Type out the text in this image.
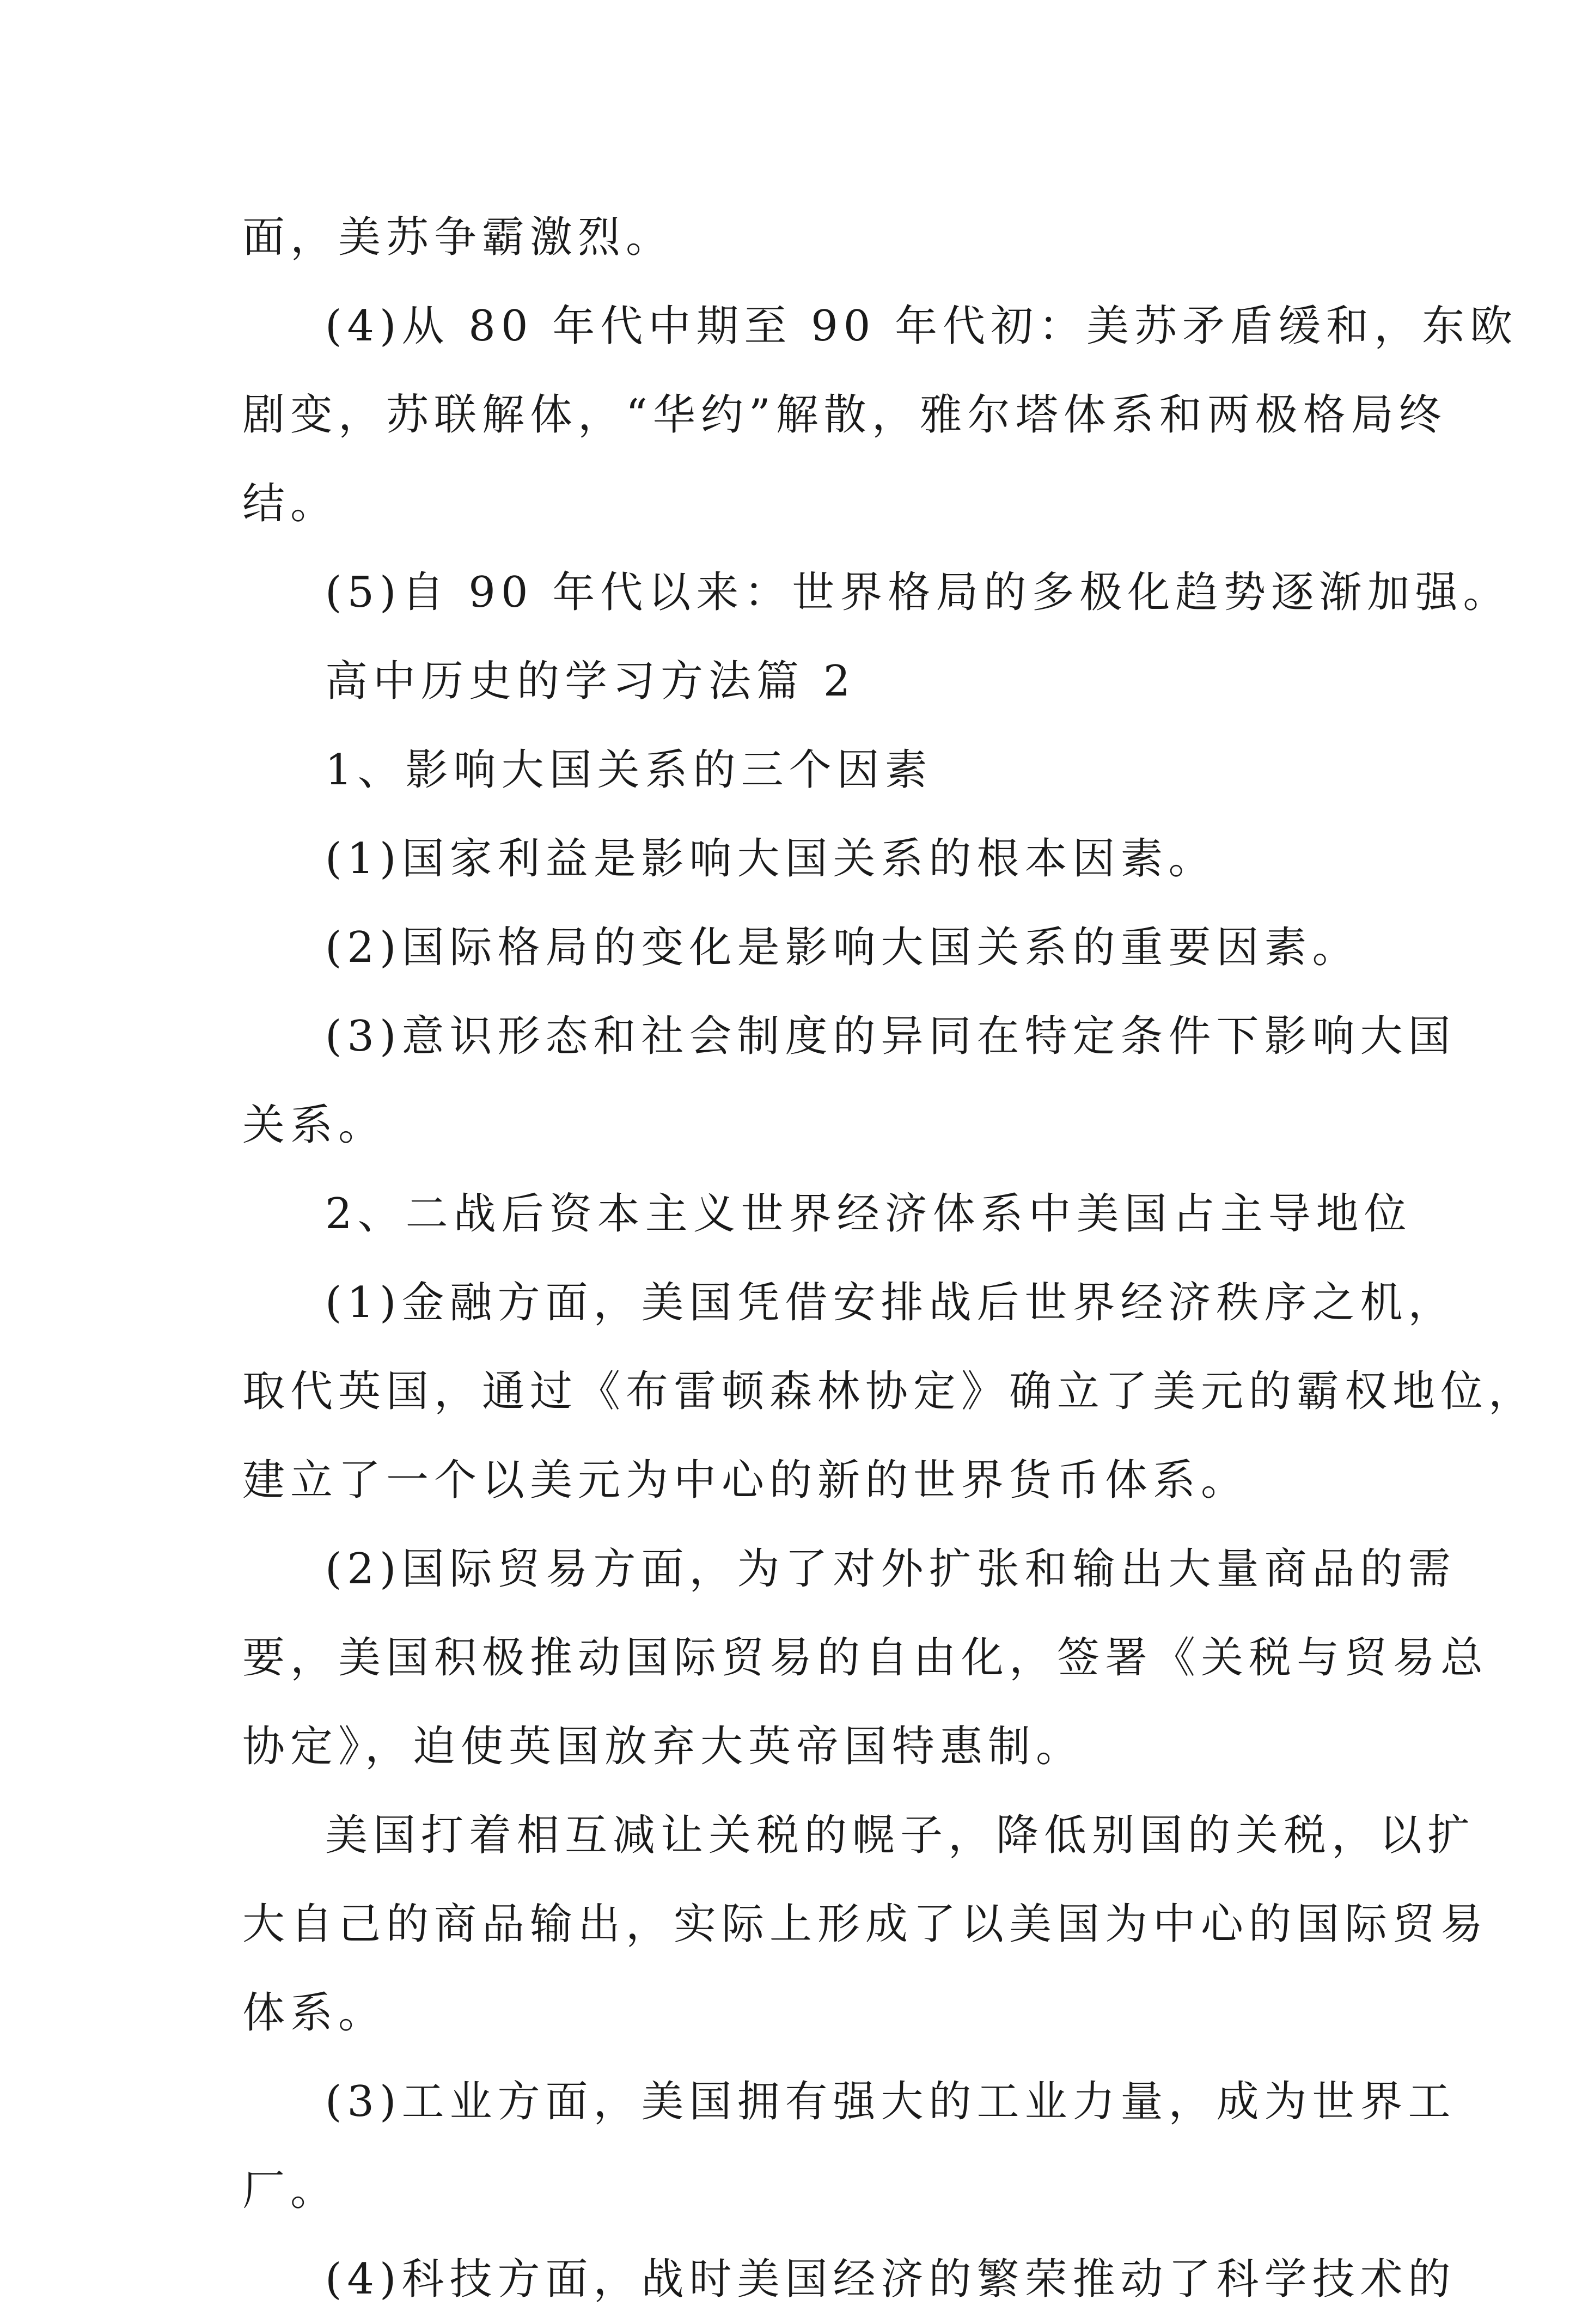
面，美苏争霸激烈。
(4)从 80 年代中期至 90 年代初：美苏矛盾缓和，东欧
剧变，苏联解体，“华约”解散，雅尔塔体系和两极格局终
结。
(5)自 90 年代以来：世界格局的多极化趋势逐渐加强。
高中历史的学习方法篇 2
1、影响大国关系的三个因素
(1)国家利益是影响大国关系的根本因素。
(2)国际格局的变化是影响大国关系的重要因素。
(3)意识形态和社会制度的异同在特定条件下影响大国
关系。
2、二战后资本主义世界经济体系中美国占主导地位
(1)金融方面，美国凭借安排战后世界经济秩序之机，
取代英国，通过《布雷顿森林协定》确立了美元的霸权地位，
建立了一个以美元为中心的新的世界货币体系。
(2)国际贸易方面，为了对外扩张和输出大量商品的需
要，美国积极推动国际贸易的自由化，签署《关税与贸易总
协定》，迫使英国放弃大英帝国特惠制。
美国打着相互减让关税的幌子，降低别国的关税，以扩
大自己的商品输出，实际上形成了以美国为中心的国际贸易
体系。
(3)工业方面，美国拥有强大的工业力量，成为世界工
厂。
(4)科技方面，战时美国经济的繁荣推动了科学技术的
